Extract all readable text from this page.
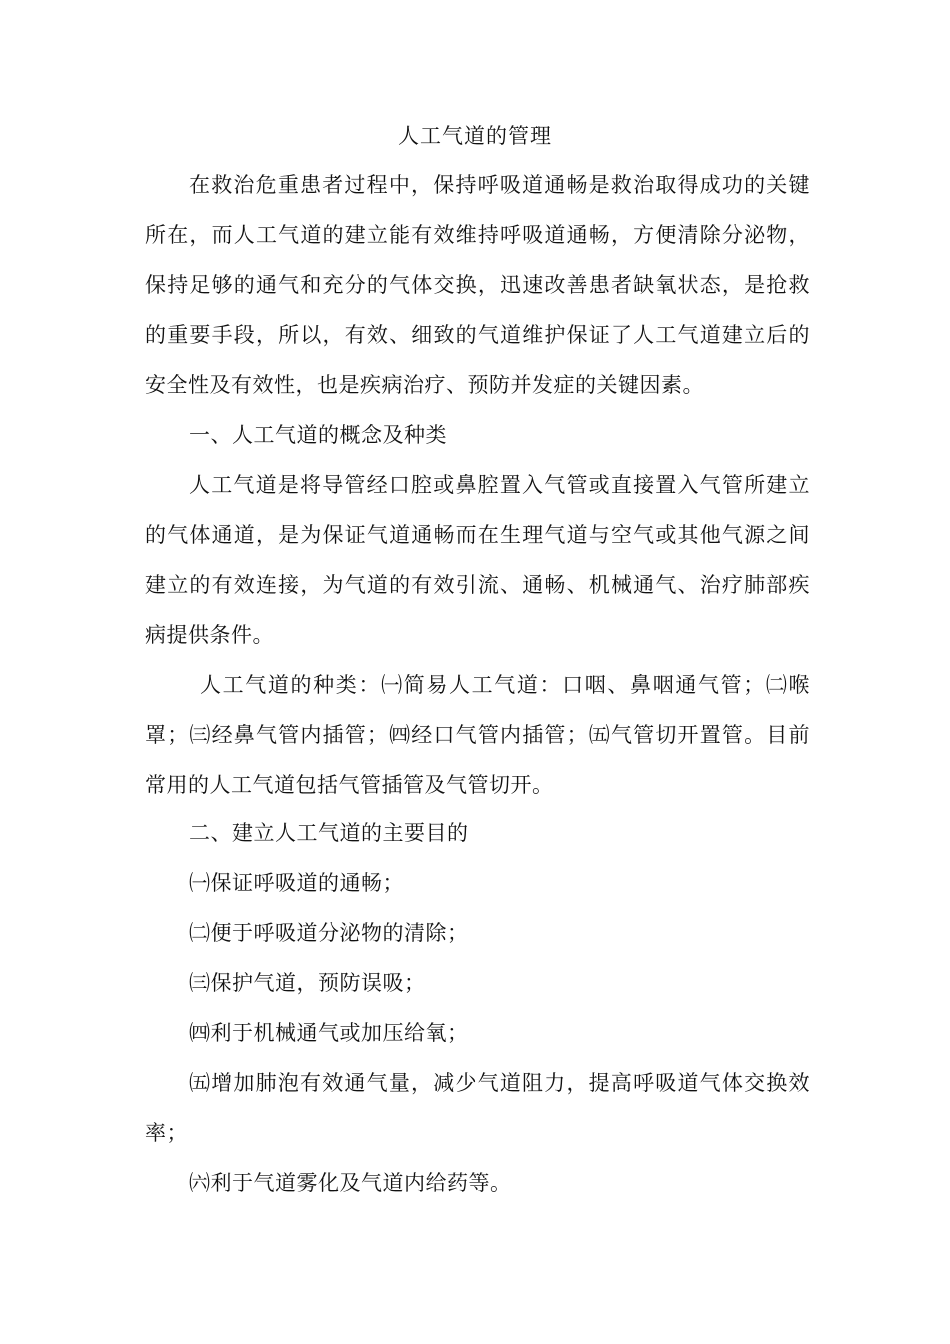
人工气道的管理

在救治危重患者过程中，保持呼吸道通畅是救治取得成功的关键所在，而人工气道的建立能有效维持呼吸道通畅，方便清除分泌物，保持足够的通气和充分的气体交换，迅速改善患者缺氧状态，是抢救的重要手段，所以，有效、细致的气道维护保证了人工气道建立后的安全性及有效性，也是疾病治疗、预防并发症的关键因素。

一、人工气道的概念及种类

人工气道是将导管经口腔或鼻腔置入气管或直接置入气管所建立的气体通道，是为保证气道通畅而在生理气道与空气或其他气源之间建立的有效连接，为气道的有效引流、通畅、机械通气、治疗肺部疾病提供条件。

人工气道的种类：㈠简易人工气道：口咽、鼻咽通气管；㈡喉罩；㈢经鼻气管内插管；㈣经口气管内插管；㈤气管切开置管。目前常用的人工气道包括气管插管及气管切开。

二、建立人工气道的主要目的
㈠保证呼吸道的通畅；
㈡便于呼吸道分泌物的清除；
㈢保护气道，预防误吸；
㈣利于机械通气或加压给氧；

㈤增加肺泡有效通气量，减少气道阻力，提高呼吸道气体交换效率；

㈥利于气道雾化及气道内给药等。
